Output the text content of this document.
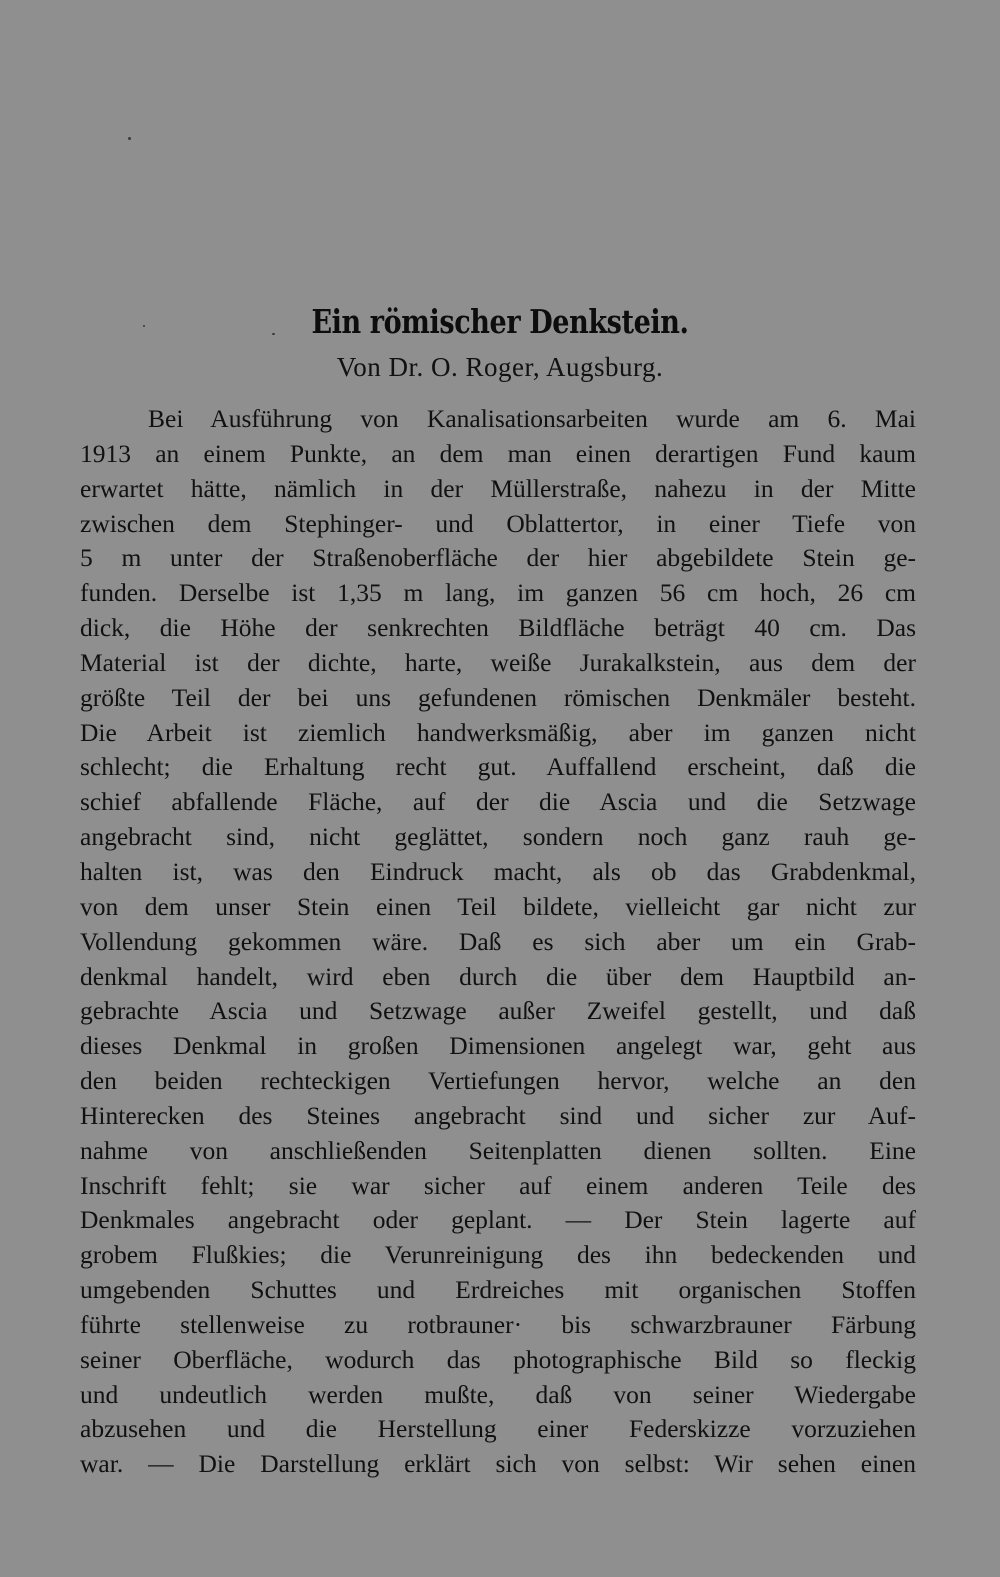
Ein römischer Denkstein.

Von Dr. O. Roger, Augsburg.

Bei Ausführung von Kanalisationsarbeiten wurde am 6. Mai
1913 an einem Punkte, an dem man einen derartigen Fund kaum
erwartet hätte, nämlich in der Müllerstraße, nahezu in der Mitte
zwischen dem Stephinger- und Oblattertor, in einer Tiefe von
5 m unter der Straßenoberfläche der hier abgebildete Stein ge-
funden. Derselbe ist 1,35 m lang, im ganzen 56 cm hoch, 26 cm
dick, die Höhe der senkrechten Bildfläche beträgt 40 cm. Das
Material ist der dichte, harte, weiße Jurakalkstein, aus dem der
größte Teil der bei uns gefundenen römischen Denkmäler besteht.
Die Arbeit ist ziemlich handwerksmäßig, aber im ganzen nicht
schlecht; die Erhaltung recht gut. Auffallend erscheint, daß die
schief abfallende Fläche, auf der die Ascia und die Setzwage
angebracht sind, nicht geglättet, sondern noch ganz rauh ge-
halten ist, was den Eindruck macht, als ob das Grabdenkmal,
von dem unser Stein einen Teil bildete, vielleicht gar nicht zur
Vollendung gekommen wäre. Daß es sich aber um ein Grab-
denkmal handelt, wird eben durch die über dem Hauptbild an-
gebrachte Ascia und Setzwage außer Zweifel gestellt, und daß
dieses Denkmal in großen Dimensionen angelegt war, geht aus
den beiden rechteckigen Vertiefungen hervor, welche an den
Hinterecken des Steines angebracht sind und sicher zur Auf-
nahme von anschließenden Seitenplatten dienen sollten. Eine
Inschrift fehlt; sie war sicher auf einem anderen Teile des
Denkmales angebracht oder geplant. — Der Stein lagerte auf
grobem Flußkies; die Verunreinigung des ihn bedeckenden und
umgebenden Schuttes und Erdreiches mit organischen Stoffen
führte stellenweise zu rotbrauner· bis schwarzbrauner Färbung
seiner Oberfläche, wodurch das photographische Bild so fleckig
und undeutlich werden mußte, daß von seiner Wiedergabe
abzusehen und die Herstellung einer Federskizze vorzuziehen
war. — Die Darstellung erklärt sich von selbst: Wir sehen einen
